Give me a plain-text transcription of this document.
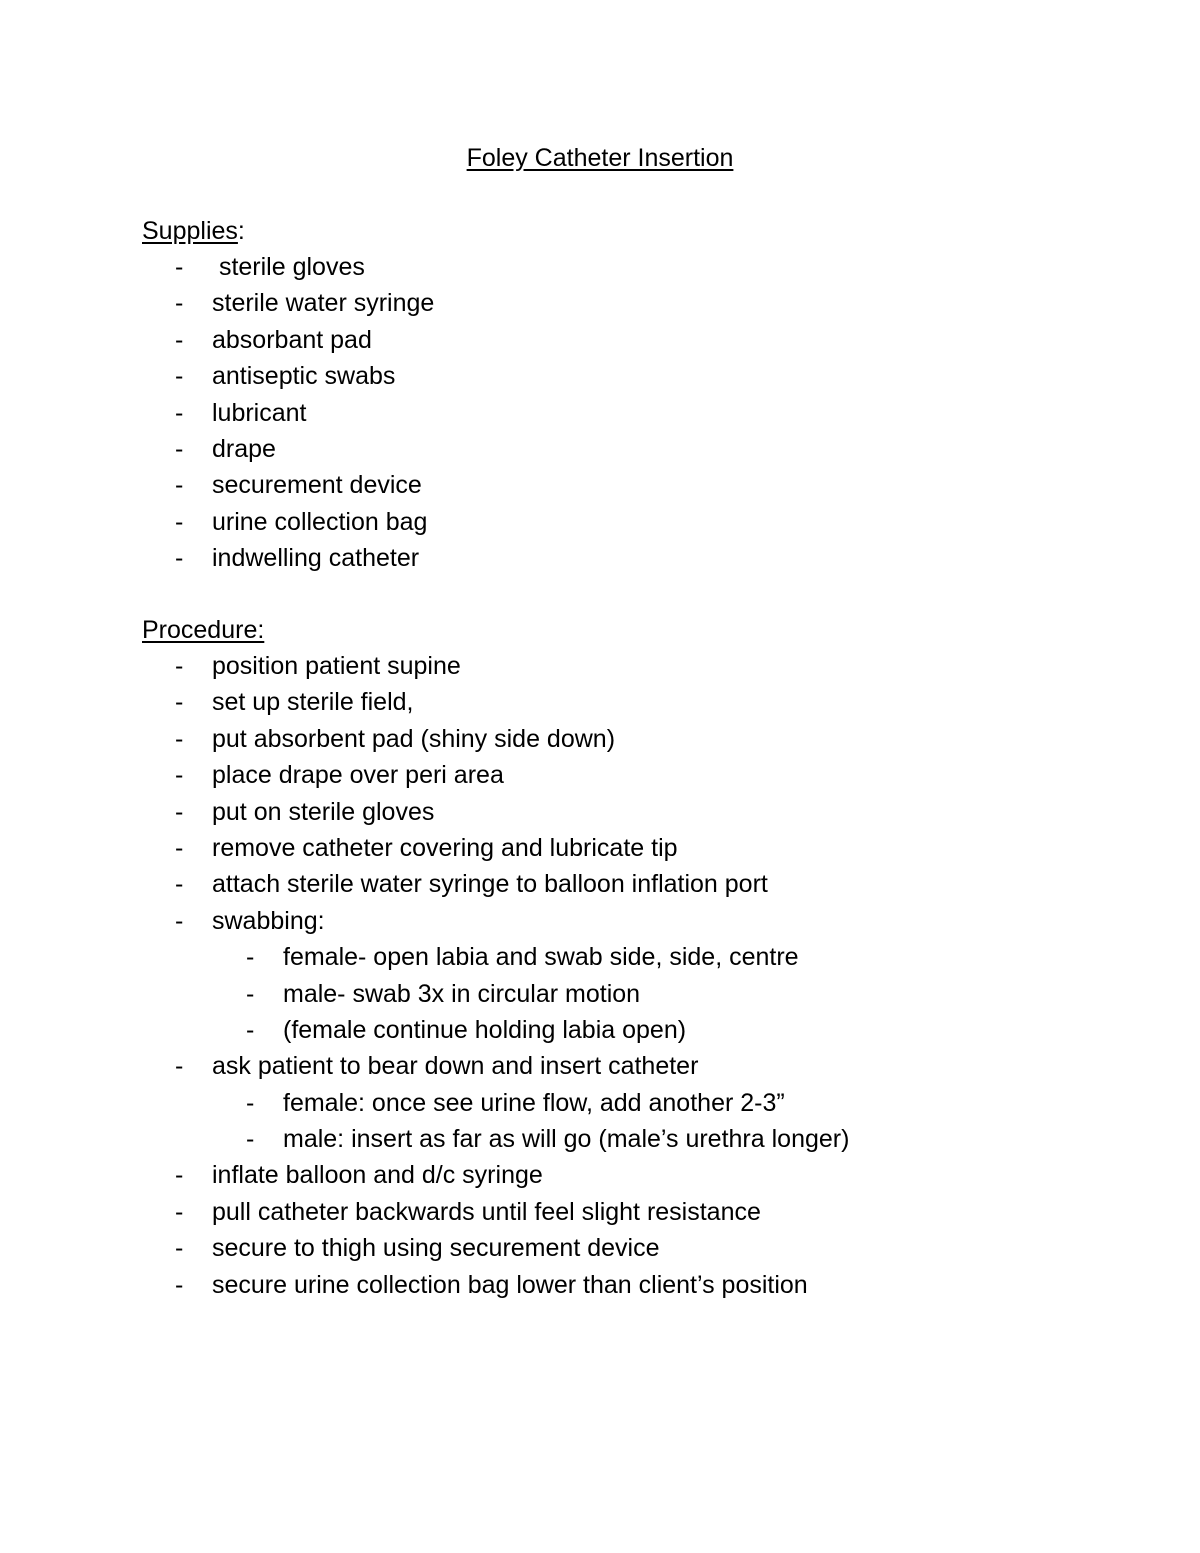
Foley Catheter Insertion
Supplies:
- sterile gloves
- sterile water syringe
- absorbant pad
- antiseptic swabs
- lubricant
- drape
- securement device
- urine collection bag
- indwelling catheter
Procedure:
- position patient supine
- set up sterile field,
- put absorbent pad (shiny side down)
- place drape over peri area
- put on sterile gloves
- remove catheter covering and lubricate tip
- attach sterile water syringe to balloon inflation port
- swabbing:
- female- open labia and swab side, side, centre
- male- swab 3x in circular motion
- (female continue holding labia open)
- ask patient to bear down and insert catheter
- female: once see urine flow, add another 2-3”
- male: insert as far as will go (male’s urethra longer)
- inflate balloon and d/c syringe
- pull catheter backwards until feel slight resistance
- secure to thigh using securement device
- secure urine collection bag lower than client’s position
